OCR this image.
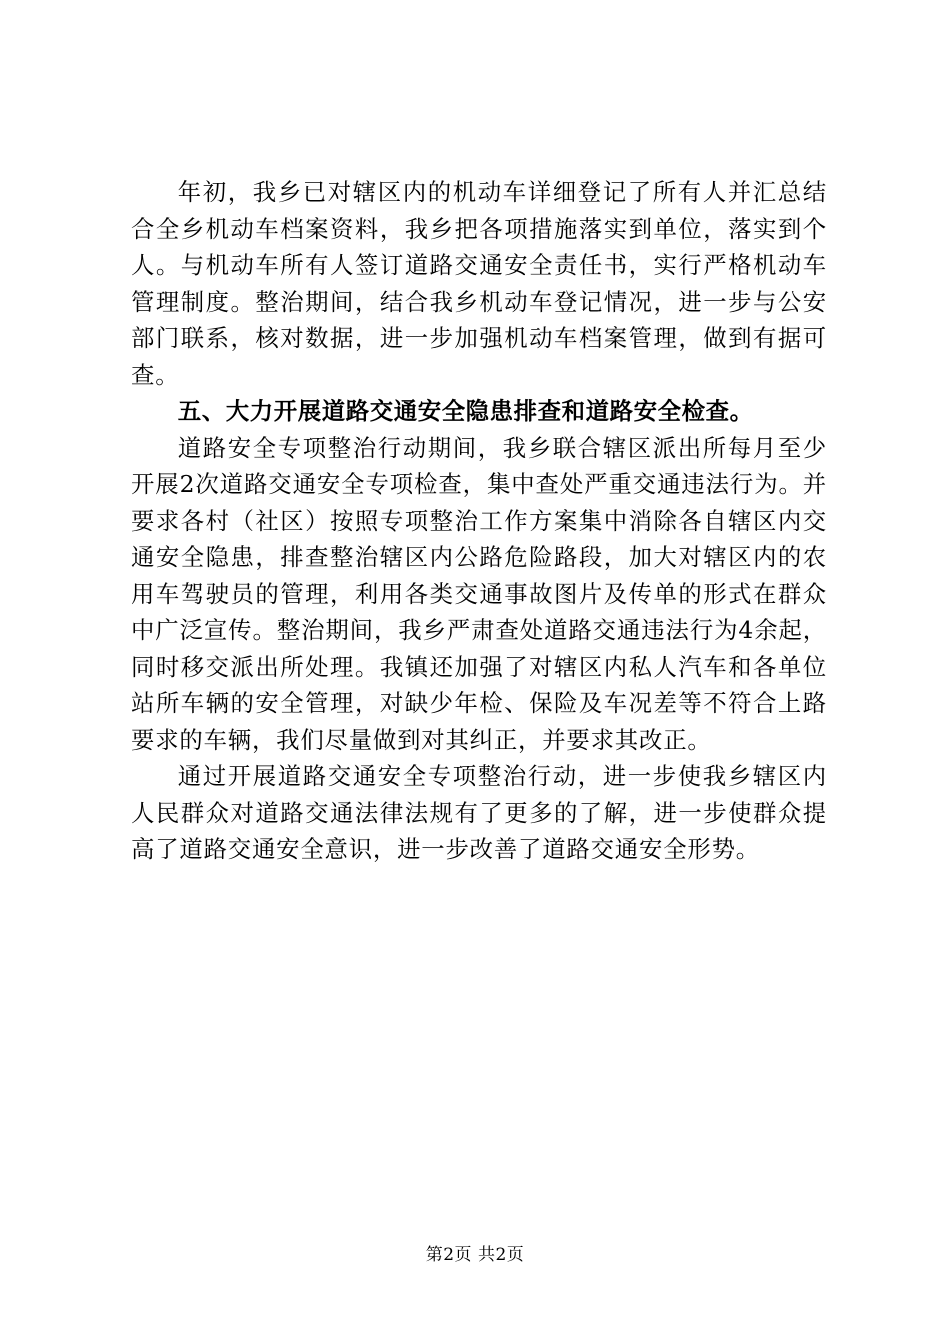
年初，我乡已对辖区内的机动车详细登记了所有人并汇总结合全乡机动车档案资料，我乡把各项措施落实到单位，落实到个人。与机动车所有人签订道路交通安全责任书，实行严格机动车管理制度。整治期间，结合我乡机动车登记情况，进一步与公安部门联系，核对数据，进一步加强机动车档案管理，做到有据可查。

五、大力开展道路交通安全隐患排查和道路安全检查。

道路安全专项整治行动期间，我乡联合辖区派出所每月至少开展2次道路交通安全专项检查，集中查处严重交通违法行为。并要求各村（社区）按照专项整治工作方案集中消除各自辖区内交通安全隐患，排查整治辖区内公路危险路段，加大对辖区内的农用车驾驶员的管理，利用各类交通事故图片及传单的形式在群众中广泛宣传。整治期间，我乡严肃查处道路交通违法行为4余起，同时移交派出所处理。我镇还加强了对辖区内私人汽车和各单位站所车辆的安全管理，对缺少年检、保险及车况差等不符合上路要求的车辆，我们尽量做到对其纠正，并要求其改正。

通过开展道路交通安全专项整治行动，进一步使我乡辖区内人民群众对道路交通法律法规有了更多的了解，进一步使群众提高了道路交通安全意识，进一步改善了道路交通安全形势。

第2页 共2页
